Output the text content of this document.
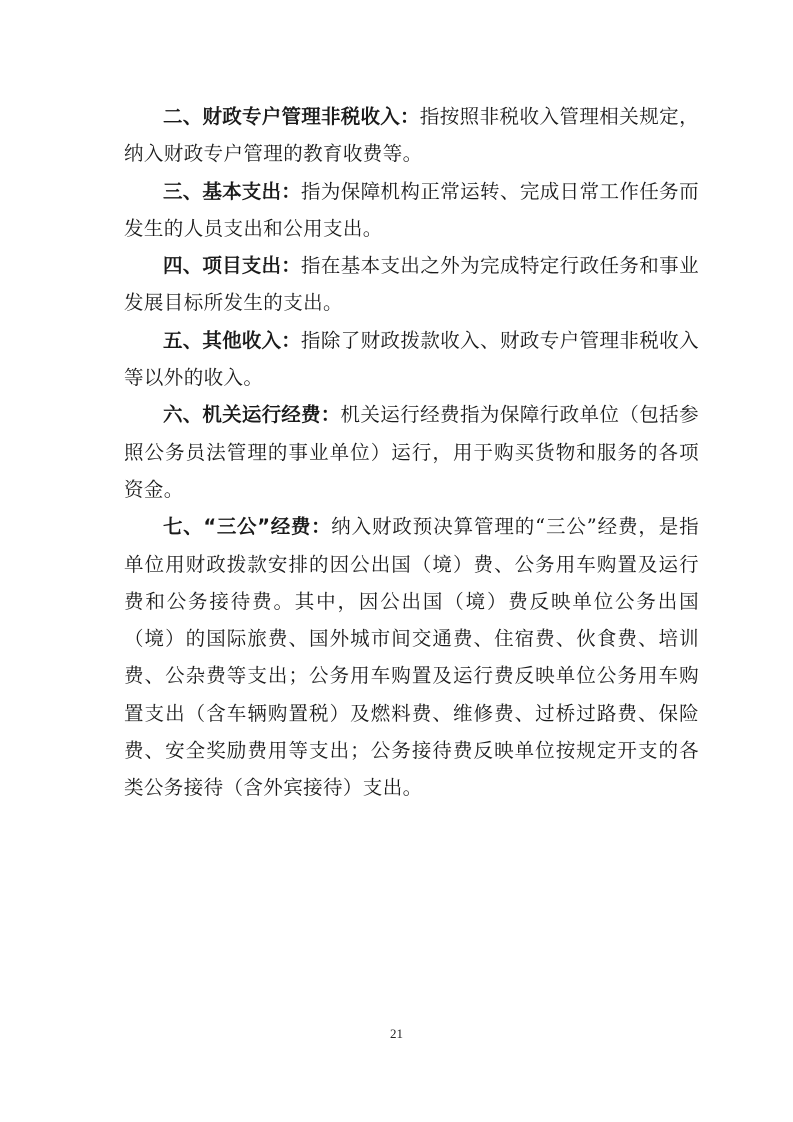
二、财政专户管理非税收入：指按照非税收入管理相关规定，纳入财政专户管理的教育收费等。

三、基本支出：指为保障机构正常运转、完成日常工作任务而发生的人员支出和公用支出。

四、项目支出：指在基本支出之外为完成特定行政任务和事业发展目标所发生的支出。

五、其他收入：指除了财政拨款收入、财政专户管理非税收入等以外的收入。

六、机关运行经费：机关运行经费指为保障行政单位（包括参照公务员法管理的事业单位）运行，用于购买货物和服务的各项资金。

七、“三公”经费：纳入财政预决算管理的“三公”经费，是指单位用财政拨款安排的因公出国（境）费、公务用车购置及运行费和公务接待费。其中，因公出国（境）费反映单位公务出国（境）的国际旅费、国外城市间交通费、住宿费、伙食费、培训费、公杂费等支出；公务用车购置及运行费反映单位公务用车购置支出（含车辆购置税）及燃料费、维修费、过桥过路费、保险费、安全奖励费用等支出；公务接待费反映单位按规定开支的各类公务接待（含外宾接待）支出。

21
